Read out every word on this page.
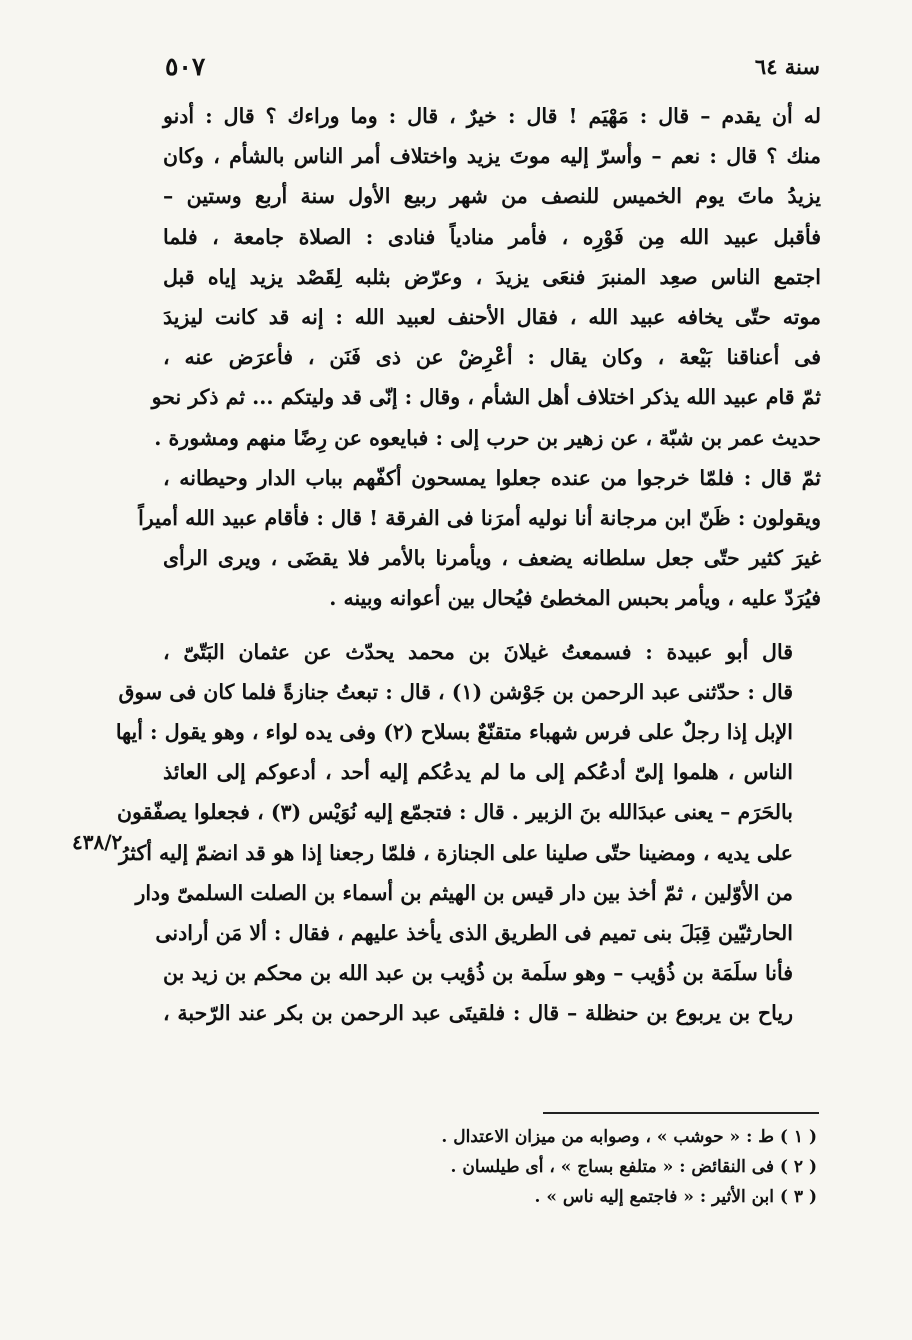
٥٠٧	سنة ٦٤

له أن يقدم – قال : مَهْيَم ! قال : خيرٌ ، قال : وما وراءك ؟ قال : أدنو
منك ؟ قال : نعم – وأسرّ إليه موتَ يزيد واختلاف أمر الناس بالشأم ، وكان
يزيدُ ماتَ يوم الخميس للنصف من شهر ربيع الأول سنة أربع وستين –
فأقبل عبيد الله مِن فَوْرِه ، فأمر منادياً فنادى : الصلاة جامعة ، فلما
اجتمع الناس صعِد المنبرَ فنعَى يزيدَ ، وعرّض بثلبه لِقَصْد يزيد إياه قبل
موته حتّى يخافه عبيد الله ، فقال الأحنف لعبيد الله : إنه قد كانت ليزيدَ
فى أعناقنا بَيْعة ، وكان يقال : أعْرِضْ عن ذى فَنَن ، فأعرَض عنه ،
ثمّ قام عبيد الله يذكر اختلاف أهل الشأم ، وقال : إنّى قد وليتكم ... ثم ذكر نحو
حديث عمر بن شبّة ، عن زهير بن حرب إلى : فبايعوه عن رِضًا منهم ومشورة .
ثمّ قال : فلمّا خرجوا من عنده جعلوا يمسحون أكفّهم بباب الدار وحيطانه ،
ويقولون : ظَنّ ابن مرجانة أنا نوليه أمرَنا فى الفرقة ! قال : فأقام عبيد الله أميراً
غيرَ كثير حتّى جعل سلطانه يضعف ، ويأمرنا بالأمر فلا يقضَى ، ويرى الرأى
فيُرَدّ عليه ، ويأمر بحبس المخطئ فيُحال بين أعوانه وبينه .

قال أبو عبيدة : فسمعتُ غيلانَ بن محمد يحدّث عن عثمان البَتّىّ ،
قال : حدّثنى عبد الرحمن بن جَوْشن (١) ، قال : تبعتُ جنازةً فلما كان فى سوق
الإبل إذا رجلٌ على فرس شهباء متقنّعٌ بسلاح (٢) وفى يده لواء ، وهو يقول : أيها
الناس ، هلموا إلىّ أدعُكم إلى ما لم يدعُكم إليه أحد ، أدعوكم إلى العائذ
بالحَرَم – يعنى عبدَالله بنَ الزبير . قال : فتجمّع إليه نُوَيْس (٣) ، فجعلوا يصفّقون
على يديه ، ومضينا حتّى صلينا على الجنازة ، فلمّا رجعنا إذا هو قد انضمّ إليه أكثرُ
من الأوّلين ، ثمّ أخذ بين دار قيس بن الهيثم بن أسماء بن الصلت السلمىّ ودار
الحارثيّين قِبَلَ بنى تميم فى الطريق الذى يأخذ عليهم ، فقال : ألا مَن أرادنى
فأنا سلَمَة بن ذُؤيب – وهو سلَمة بن ذُؤيب بن عبد الله بن محكم بن زيد بن
رياح بن يربوع بن حنظلة – قال : فلقيتَى عبد الرحمن بن بكر عند الرّحبة ،

٤٣٨/٢
( ١ ) ط : « حوشب » ، وصوابه من ميزان الاعتدال .
( ٢ ) فى النقائض : « متلفع بساج » ، أى طيلسان .
( ٣ ) ابن الأثير : « فاجتمع إليه ناس » .
